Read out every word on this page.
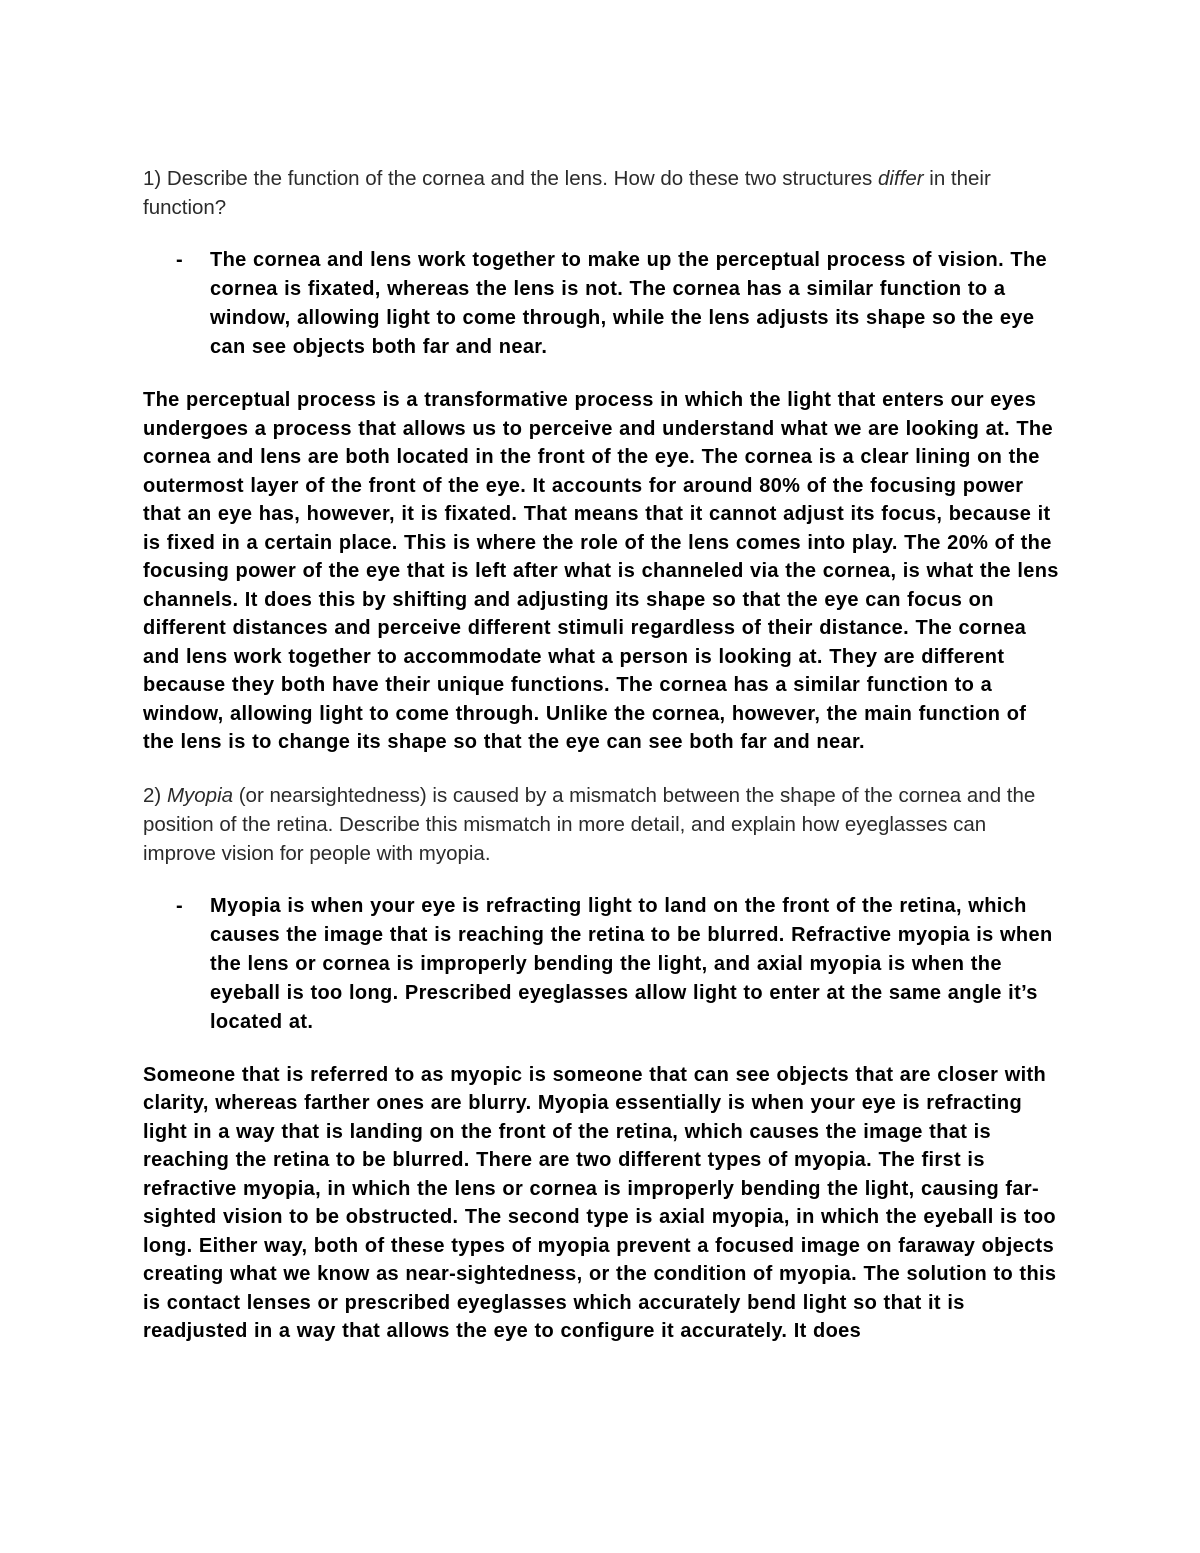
1) Describe the function of the cornea and the lens. How do these two structures differ in their function?

- The cornea and lens work together to make up the perceptual process of vision. The cornea is fixated, whereas the lens is not. The cornea has a similar function to a window, allowing light to come through, while the lens adjusts its shape so the eye can see objects both far and near.

The perceptual process is a transformative process in which the light that enters our eyes undergoes a process that allows us to perceive and understand what we are looking at. The cornea and lens are both located in the front of the eye. The cornea is a clear lining on the outermost layer of the front of the eye. It accounts for around 80% of the focusing power that an eye has, however, it is fixated. That means that it cannot adjust its focus, because it is fixed in a certain place. This is where the role of the lens comes into play. The 20% of the focusing power of the eye that is left after what is channeled via the cornea, is what the lens channels. It does this by shifting and adjusting its shape so that the eye can focus on different distances and perceive different stimuli regardless of their distance. The cornea and lens work together to accommodate what a person is looking at. They are different because they both have their unique functions. The cornea has a similar function to a window, allowing light to come through. Unlike the cornea, however, the main function of the lens is to change its shape so that the eye can see both far and near.

2) Myopia (or nearsightedness) is caused by a mismatch between the shape of the cornea and the position of the retina. Describe this mismatch in more detail, and explain how eyeglasses can improve vision for people with myopia.

- Myopia is when your eye is refracting light to land on the front of the retina, which causes the image that is reaching the retina to be blurred. Refractive myopia is when the lens or cornea is improperly bending the light, and axial myopia is when the eyeball is too long. Prescribed eyeglasses allow light to enter at the same angle it’s located at.

Someone that is referred to as myopic is someone that can see objects that are closer with clarity, whereas farther ones are blurry. Myopia essentially is when your eye is refracting light in a way that is landing on the front of the retina, which causes the image that is reaching the retina to be blurred. There are two different types of myopia. The first is refractive myopia, in which the lens or cornea is improperly bending the light, causing far-sighted vision to be obstructed. The second type is axial myopia, in which the eyeball is too long. Either way, both of these types of myopia prevent a focused image on faraway objects creating what we know as near-sightedness, or the condition of myopia. The solution to this is contact lenses or prescribed eyeglasses which accurately bend light so that it is readjusted in a way that allows the eye to configure it accurately. It does
